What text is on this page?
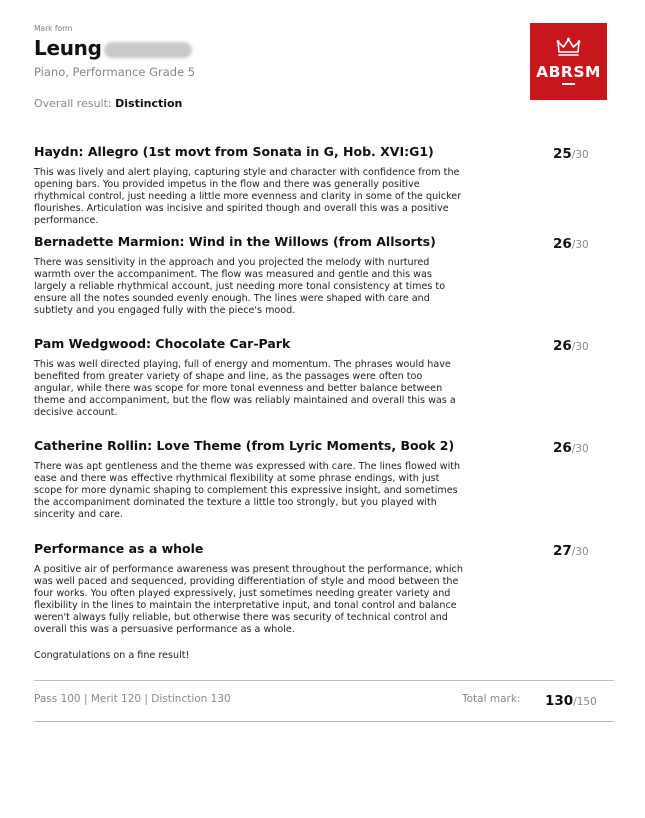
Mark form
Leung
Piano, Performance Grade 5
Overall result: Distinction
ABRSM
Haydn: Allegro (1st movt from Sonata in G, Hob. XVI:G1)	25/30
This was lively and alert playing, capturing style and character with confidence from the opening bars. You provided impetus in the flow and there was generally positive rhythmical control, just needing a little more evenness and clarity in some of the quicker flourishes. Articulation was incisive and spirited though and overall this was a positive performance.
Bernadette Marmion: Wind in the Willows (from Allsorts)	26/30
There was sensitivity in the approach and you projected the melody with nurtured warmth over the accompaniment. The flow was measured and gentle and this was largely a reliable rhythmical account, just needing more tonal consistency at times to ensure all the notes sounded evenly enough. The lines were shaped with care and subtlety and you engaged fully with the piece's mood.
Pam Wedgwood: Chocolate Car-Park	26/30
This was well directed playing, full of energy and momentum. The phrases would have benefited from greater variety of shape and line, as the passages were often too angular, while there was scope for more tonal evenness and better balance between theme and accompaniment, but the flow was reliably maintained and overall this was a decisive account.
Catherine Rollin: Love Theme (from Lyric Moments, Book 2)	26/30
There was apt gentleness and the theme was expressed with care. The lines flowed with ease and there was effective rhythmical flexibility at some phrase endings, with just scope for more dynamic shaping to complement this expressive insight, and sometimes the accompaniment dominated the texture a little too strongly, but you played with sincerity and care.
Performance as a whole	27/30
A positive air of performance awareness was present throughout the performance, which was well paced and sequenced, providing differentiation of style and mood between the four works. You often played expressively, just sometimes needing greater variety and flexibility in the lines to maintain the interpretative input, and tonal control and balance weren't always fully reliable, but otherwise there was security of technical control and overall this was a persuasive performance as a whole.
Congratulations on a fine result!
Pass 100 | Merit 120 | Distinction 130	Total mark: 130/150
